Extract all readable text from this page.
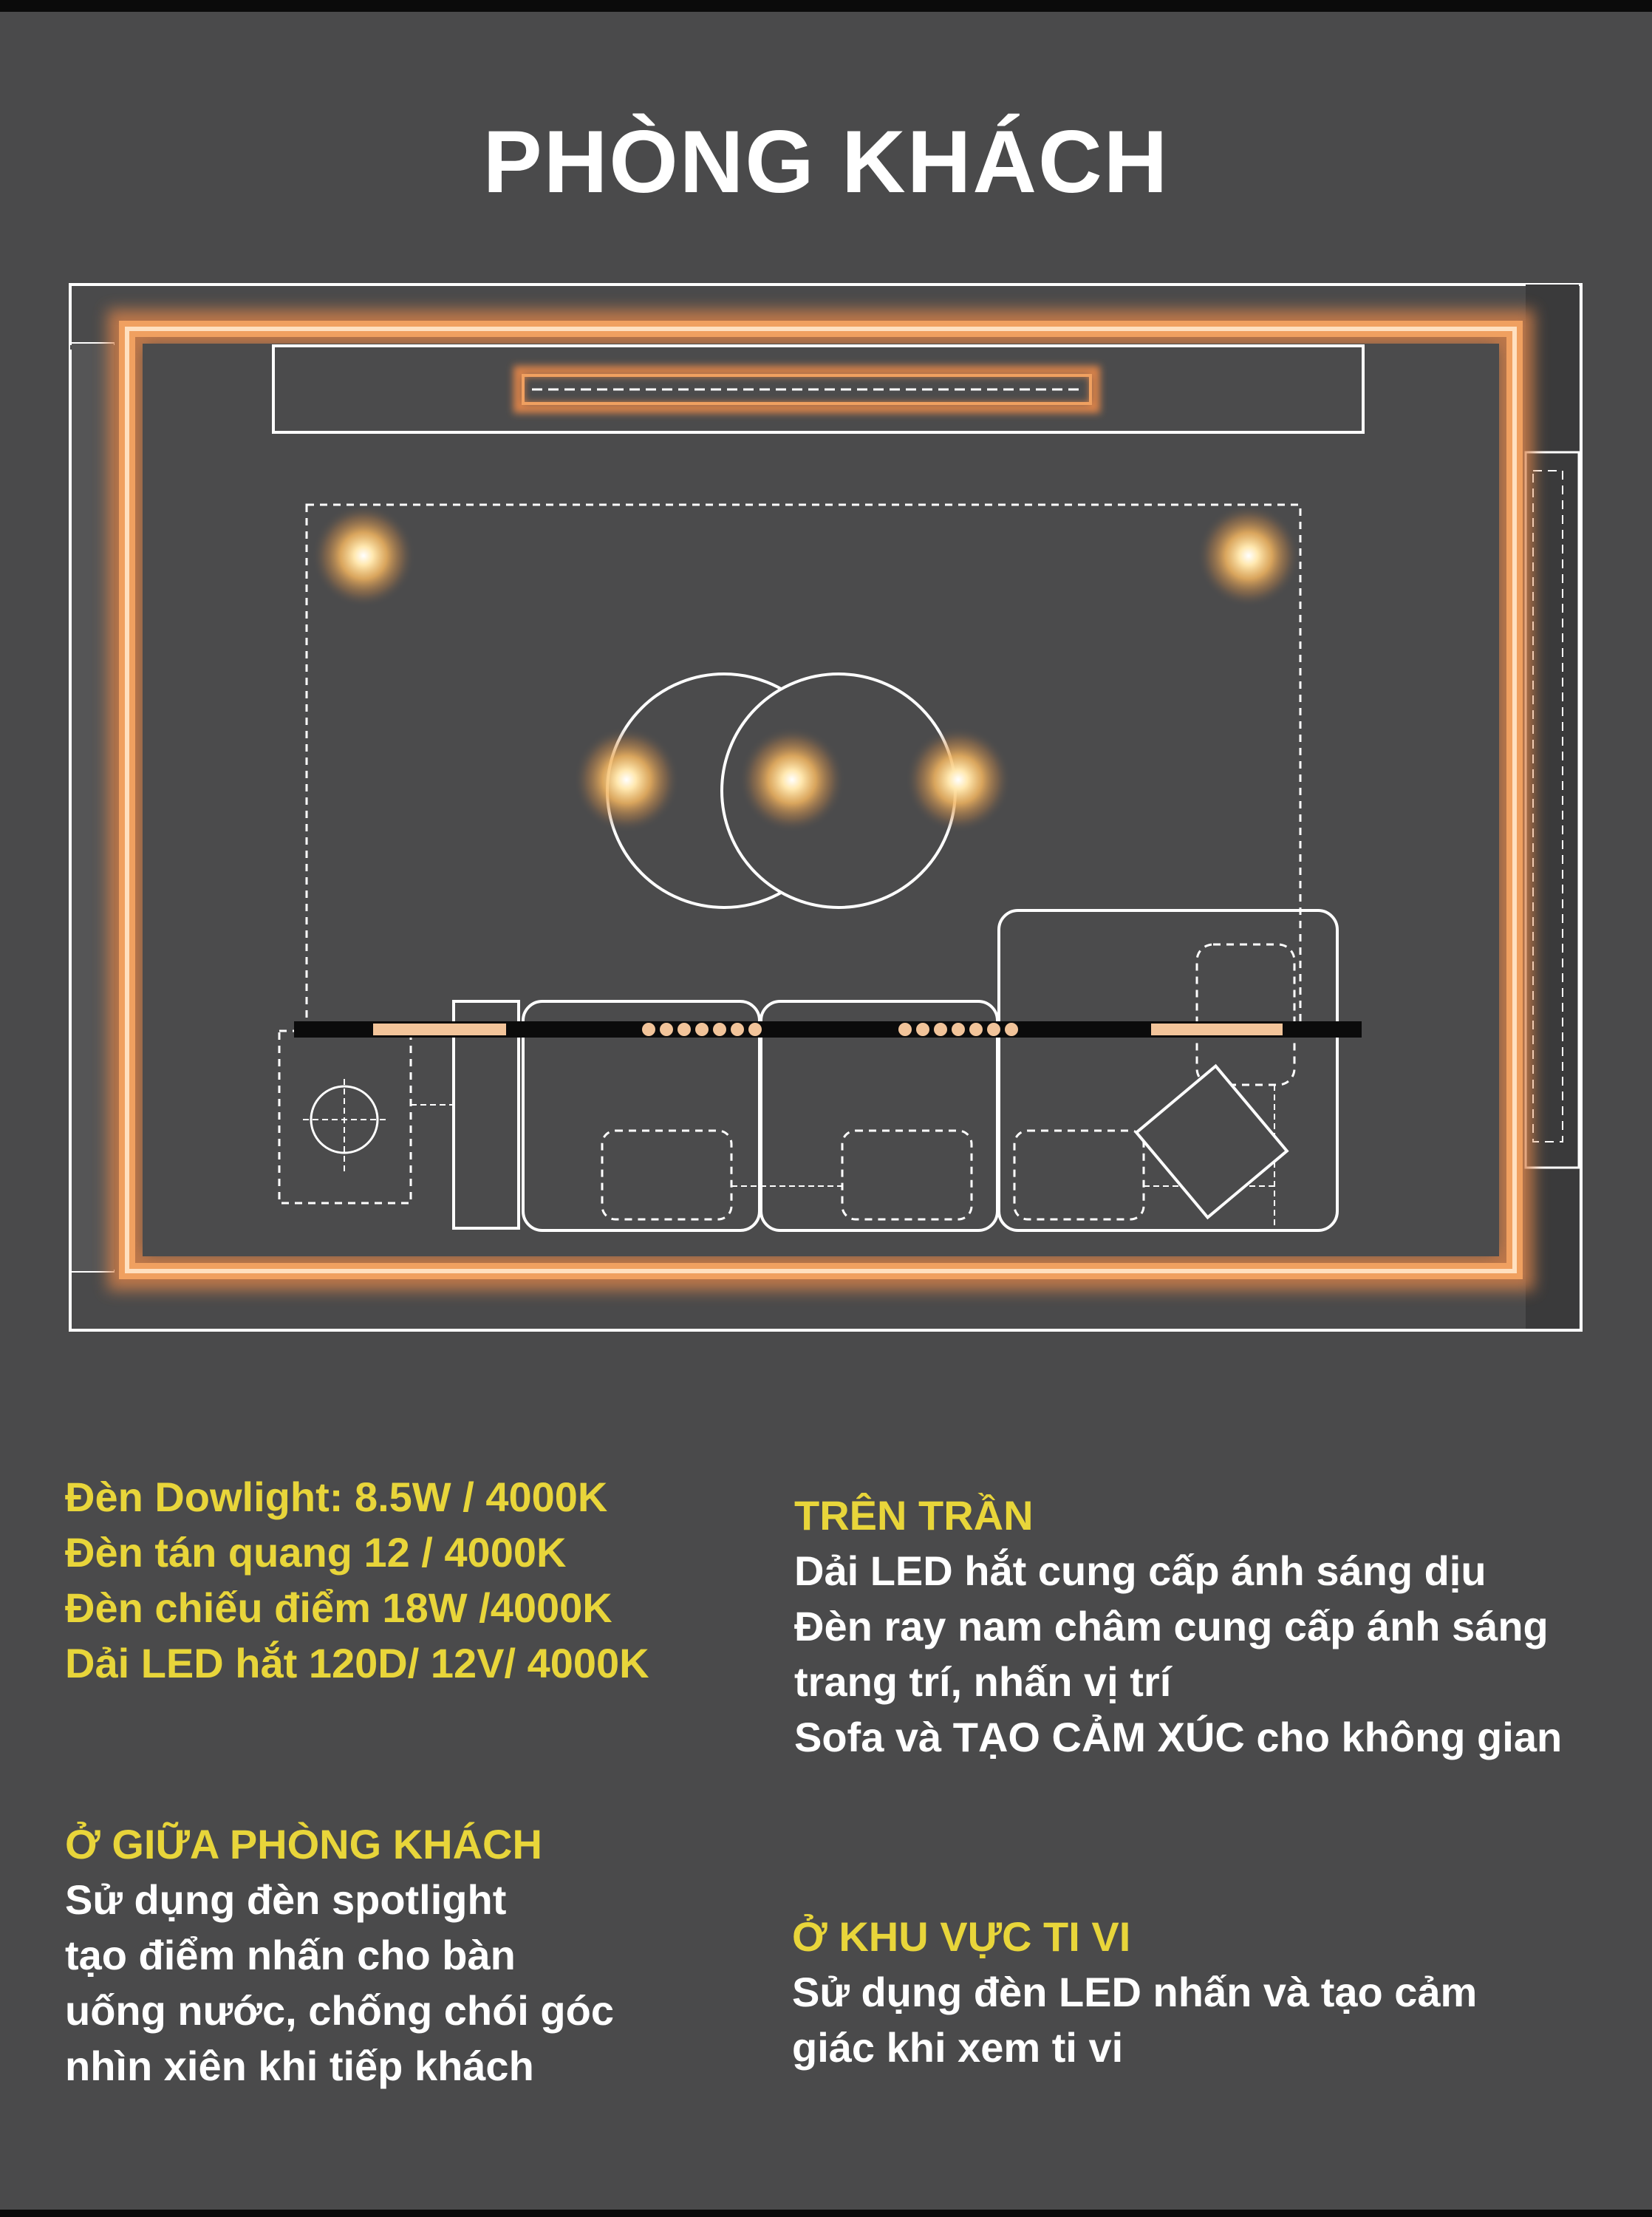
PHÒNG KHÁCH
Đèn Dowlight: 8.5W / 4000K
Đèn tán quang 12 / 4000K
Đèn chiếu điểm 18W /4000K
Dải LED hắt 120D/ 12V/ 4000K
TRÊN TRẦN
Dải LED hắt cung cấp ánh sáng dịu
Đèn ray nam châm cung cấp ánh sáng
trang trí, nhấn vị trí
Sofa và TẠO CẢM XÚC cho không gian
Ở GIỮA PHÒNG KHÁCH
Sử dụng đèn spotlight
tạo điểm nhấn cho bàn
uống nước, chống chói góc
nhìn xiên khi tiếp khách
Ở KHU VỰC TI VI
Sử dụng đèn LED nhấn và tạo cảm
giác khi xem ti vi
